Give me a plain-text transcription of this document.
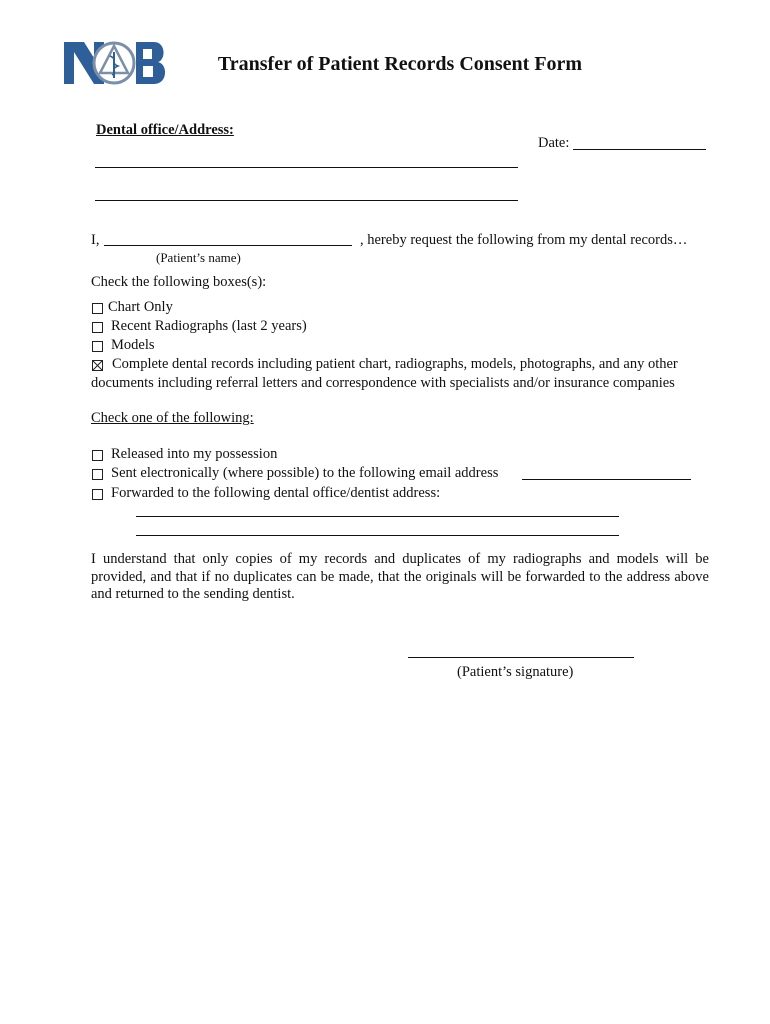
Transfer of Patient Records Consent Form
Dental office/Address:
Date:
I,	, hereby request the following from my dental records…
(Patient’s name)
Check the following boxes(s):
Chart Only
Recent Radiographs (last 2 years)
Models
Complete dental records including patient chart, radiographs, models, photographs, and any other
documents including referral letters and correspondence with specialists and/or insurance companies
Check one of the following:
Released into my possession
Sent electronically (where possible) to the following email address
Forwarded to the following dental office/dentist address:
I understand that only copies of my records and duplicates of my radiographs and models will be provided, and that if no duplicates can be made, that the originals will be forwarded to the address above and returned to the sending dentist.
(Patient’s signature)
